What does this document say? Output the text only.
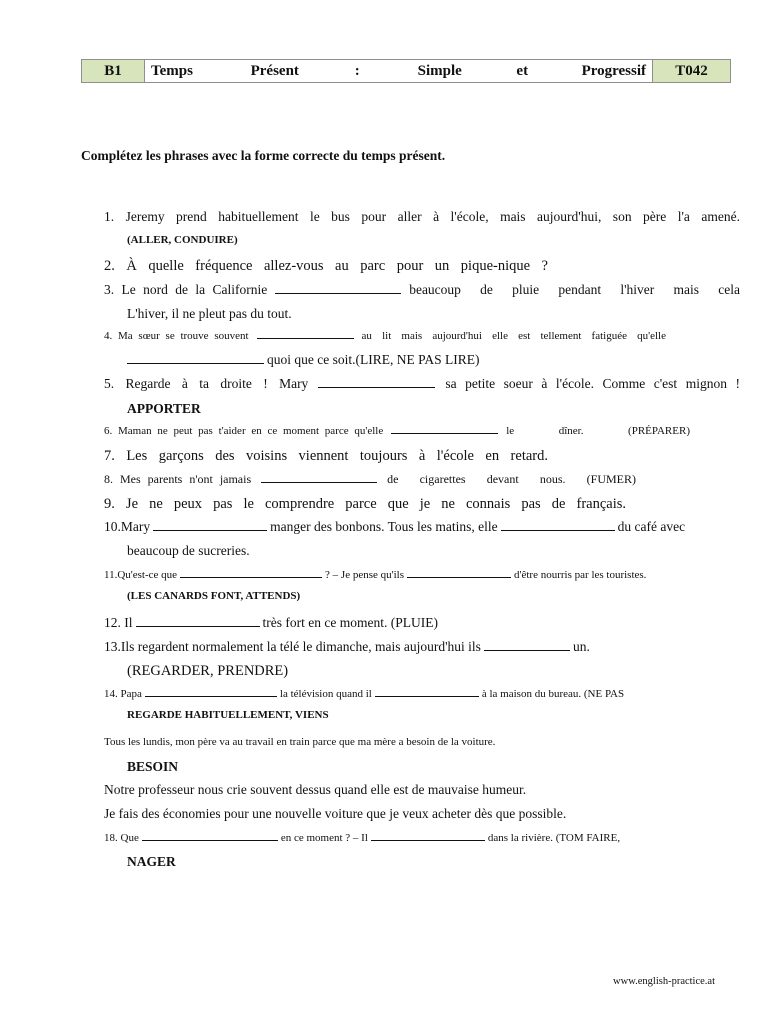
B1	Temps	Présent	:	Simple	et	Progressif	T042
Complétez les phrases avec la forme correcte du temps présent.
1. Jeremy prend habituellement le bus pour aller à l'école, mais aujourd'hui, son père l'a amené.
(ALLER, CONDUIRE)
2. À quelle fréquence allez-vous au parc pour un pique-nique ?
3. Le nord de la Californie	beaucoup de pluie pendant l'hiver mais cela
L'hiver, il ne pleut pas du tout.
4. Ma sœur se trouve souvent	au lit mais aujourd'hui elle est tellement fatiguée qu'elle
quoi que ce soit.(LIRE, NE PAS LIRE)
5. Regarde à ta droite ! Mary	sa petite soeur à l'école. Comme c'est mignon !
APPORTER
6. Maman ne peut pas t'aider en ce moment parce qu'elle	le dîner. (PRÉPARER)
7. Les garçons des voisins viennent toujours à l'école en retard.
8. Mes parents n'ont jamais	de cigarettes devant nous. (FUMER)
9. Je ne peux pas le comprendre parce que je ne connais pas de français.
10.Mary	manger des bonbons. Tous les matins, elle	du café avec
beaucoup de sucreries.
11.Qu'est-ce que	? – Je pense qu'ils	d'être nourris par les touristes.
(LES CANARDS FONT, ATTENDS)
12. Il	très fort en ce moment. (PLUIE)
13.Ils regardent normalement la télé le dimanche, mais aujourd'hui ils	un.
(REGARDER, PRENDRE)
14. Papa	la télévision quand il	à la maison du bureau. (NE PAS
REGARDE HABITUELLEMENT, VIENS
Tous les lundis, mon père va au travail en train parce que ma mère a besoin de la voiture.
BESOIN
Notre professeur nous crie souvent dessus quand elle est de mauvaise humeur.
Je fais des économies pour une nouvelle voiture que je veux acheter dès que possible.
18. Que	en ce moment ? – Il	dans la rivière. (TOM FAIRE,
NAGER
www.english-practice.at
